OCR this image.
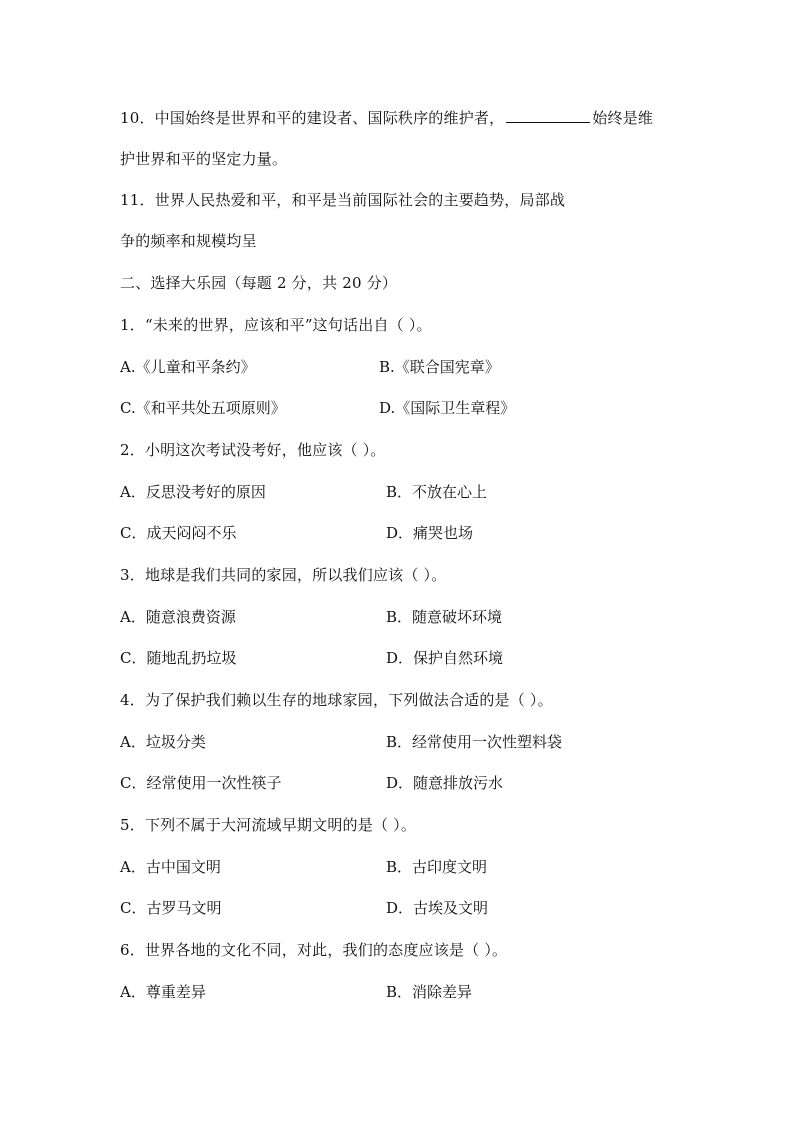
10．中国始终是世界和平的建设者、国际秩序的维护者，	始终是维
护世界和平的坚定力量。
11．世界人民热爱和平，和平是当前国际社会的主要趋势，局部战
争的频率和规模均呈
二、选择大乐园（每题 2 分，共 20 分）
1．“未来的世界，应该和平”这句话出自（ ）。
A.《儿童和平条约》	B.《联合国宪章》
C.《和平共处五项原则》	D.《国际卫生章程》
2．小明这次考试没考好，他应该（ ）。
A．反思没考好的原因	B．不放在心上
C．成天闷闷不乐	D．痛哭也场
3．地球是我们共同的家园，所以我们应该（ ）。
A．随意浪费资源	B．随意破坏环境
C．随地乱扔垃圾	D．保护自然环境
4．为了保护我们赖以生存的地球家园，下列做法合适的是（ ）。
A．垃圾分类	B．经常使用一次性塑料袋
C．经常使用一次性筷子	D．随意排放污水
5．下列不属于大河流域早期文明的是（ ）。
A．古中国文明	B．古印度文明
C．古罗马文明	D．古埃及文明
6．世界各地的文化不同，对此，我们的态度应该是（ ）。
A．尊重差异	B．消除差异
